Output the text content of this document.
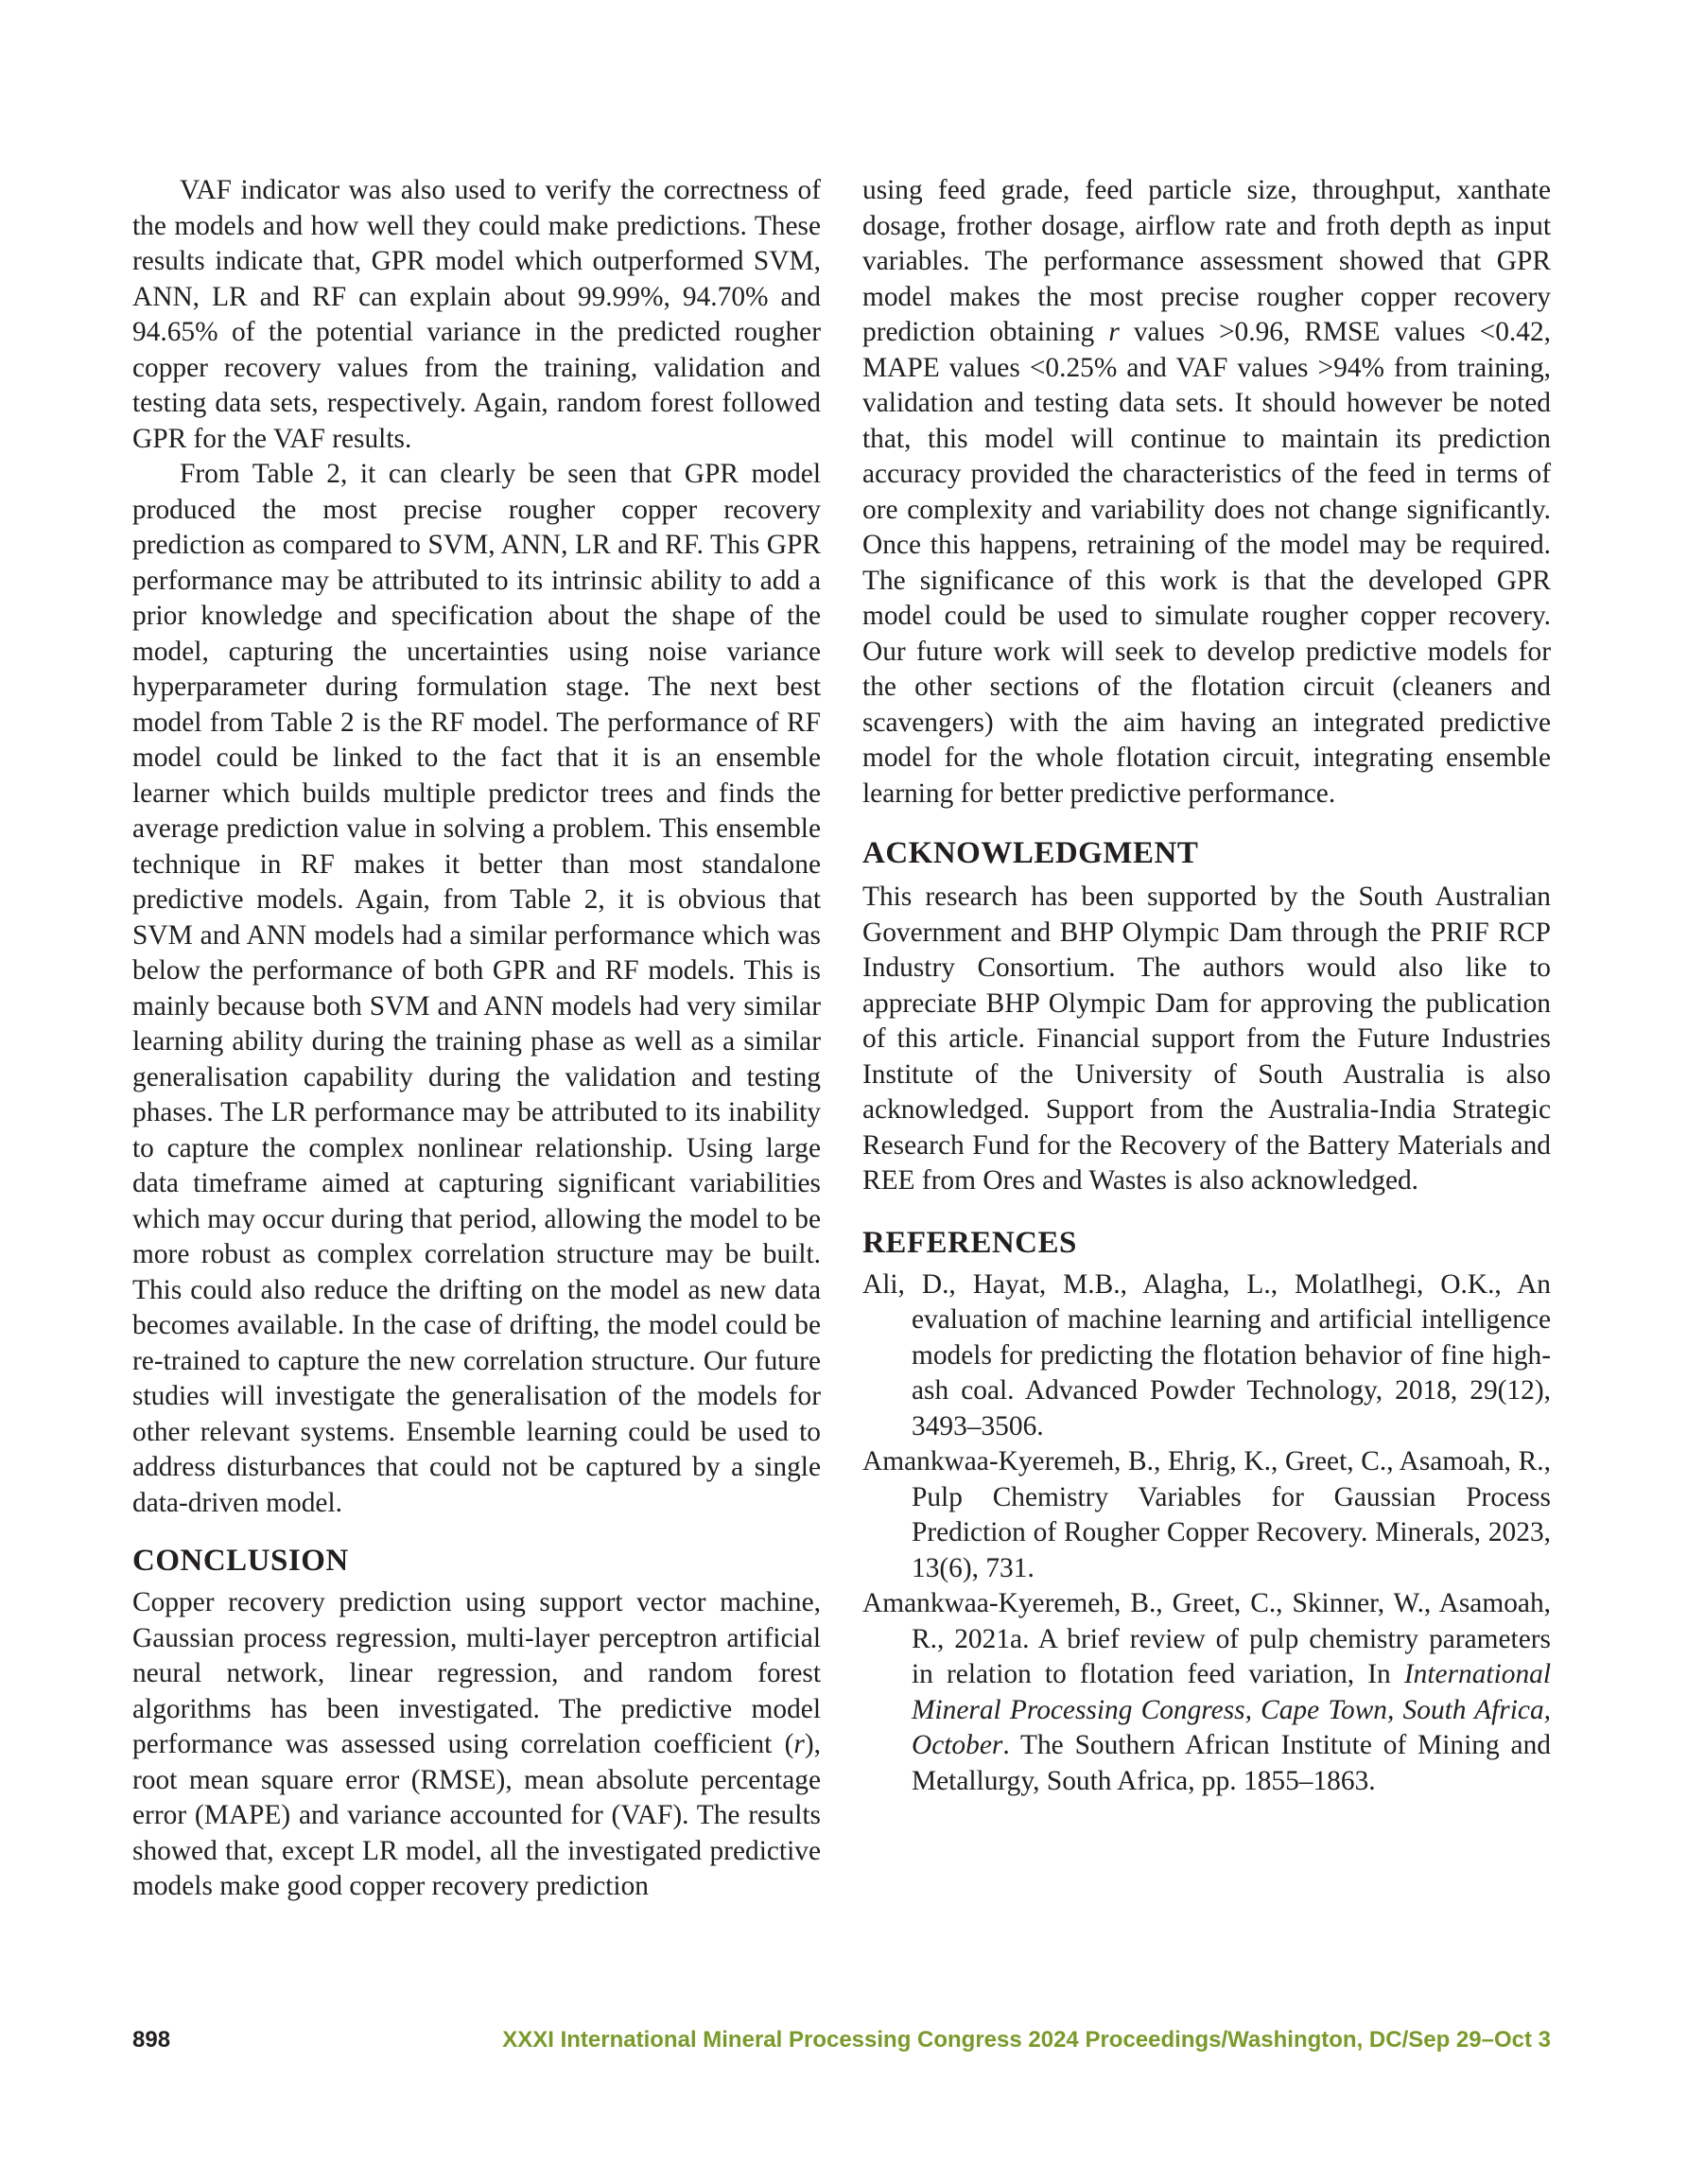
VAF indicator was also used to verify the correctness of the models and how well they could make predictions. These results indicate that, GPR model which outperformed SVM, ANN, LR and RF can explain about 99.99%, 94.70% and 94.65% of the potential variance in the predicted rougher copper recovery values from the training, validation and testing data sets, respectively. Again, random forest followed GPR for the VAF results.

From Table 2, it can clearly be seen that GPR model produced the most precise rougher copper recovery prediction as compared to SVM, ANN, LR and RF. This GPR performance may be attributed to its intrinsic ability to add a prior knowledge and specification about the shape of the model, capturing the uncertainties using noise variance hyperparameter during formulation stage. The next best model from Table 2 is the RF model. The performance of RF model could be linked to the fact that it is an ensemble learner which builds multiple predictor trees and finds the average prediction value in solving a problem. This ensemble technique in RF makes it better than most standalone predictive models. Again, from Table 2, it is obvious that SVM and ANN models had a similar performance which was below the performance of both GPR and RF models. This is mainly because both SVM and ANN models had very similar learning ability during the training phase as well as a similar generalisation capability during the validation and testing phases. The LR performance may be attributed to its inability to capture the complex nonlinear relationship. Using large data timeframe aimed at capturing significant variabilities which may occur during that period, allowing the model to be more robust as complex correlation structure may be built. This could also reduce the drifting on the model as new data becomes available. In the case of drifting, the model could be re-trained to capture the new correlation structure. Our future studies will investigate the generalisation of the models for other relevant systems. Ensemble learning could be used to address disturbances that could not be captured by a single data-driven model.

CONCLUSION

Copper recovery prediction using support vector machine, Gaussian process regression, multi-layer perceptron artificial neural network, linear regression, and random forest algorithms has been investigated. The predictive model performance was assessed using correlation coefficient (r), root mean square error (RMSE), mean absolute percentage error (MAPE) and variance accounted for (VAF). The results showed that, except LR model, all the investigated predictive models make good copper recovery prediction

using feed grade, feed particle size, throughput, xanthate dosage, frother dosage, airflow rate and froth depth as input variables. The performance assessment showed that GPR model makes the most precise rougher copper recovery prediction obtaining r values >0.96, RMSE values <0.42, MAPE values <0.25% and VAF values >94% from training, validation and testing data sets. It should however be noted that, this model will continue to maintain its prediction accuracy provided the characteristics of the feed in terms of ore complexity and variability does not change significantly. Once this happens, retraining of the model may be required. The significance of this work is that the developed GPR model could be used to simulate rougher copper recovery. Our future work will seek to develop predictive models for the other sections of the flotation circuit (cleaners and scavengers) with the aim having an integrated predictive model for the whole flotation circuit, integrating ensemble learning for better predictive performance.

ACKNOWLEDGMENT

This research has been supported by the South Australian Government and BHP Olympic Dam through the PRIF RCP Industry Consortium. The authors would also like to appreciate BHP Olympic Dam for approving the publication of this article. Financial support from the Future Industries Institute of the University of South Australia is also acknowledged. Support from the Australia-India Strategic Research Fund for the Recovery of the Battery Materials and REE from Ores and Wastes is also acknowledged.

REFERENCES
Ali, D., Hayat, M.B., Alagha, L., Molatlhegi, O.K., An evaluation of machine learning and artificial intelligence models for predicting the flotation behavior of fine high-ash coal. Advanced Powder Technology, 2018, 29(12), 3493–3506.
Amankwaa-Kyeremeh, B., Ehrig, K., Greet, C., Asamoah, R., Pulp Chemistry Variables for Gaussian Process Prediction of Rougher Copper Recovery. Minerals, 2023, 13(6), 731.
Amankwaa-Kyeremeh, B., Greet, C., Skinner, W., Asamoah, R., 2021a. A brief review of pulp chemistry parameters in relation to flotation feed variation, In International Mineral Processing Congress, Cape Town, South Africa, October. The Southern African Institute of Mining and Metallurgy, South Africa, pp. 1855–1863.
898	XXXI International Mineral Processing Congress 2024 Proceedings/Washington, DC/Sep 29–Oct 3
